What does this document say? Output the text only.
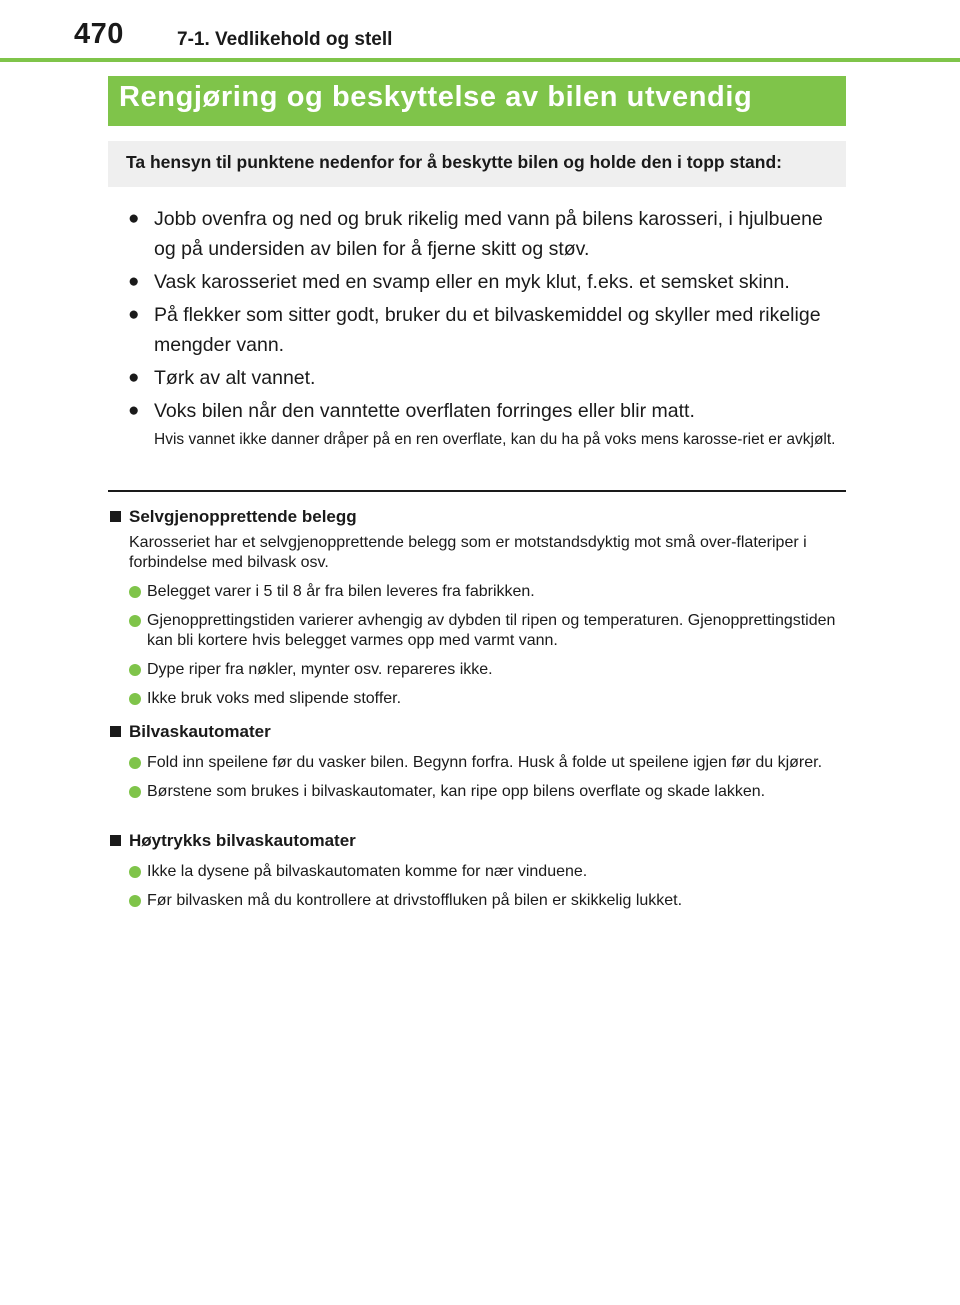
470	7-1. Vedlikehold og stell
Rengjøring og beskyttelse av bilen utvendig
Ta hensyn til punktene nedenfor for å beskytte bilen og holde den i topp stand:
● Jobb ovenfra og ned og bruk rikelig med vann på bilens karosseri, i hjulbuene og på undersiden av bilen for å fjerne skitt og støv.
● Vask karosseriet med en svamp eller en myk klut, f.eks. et semsket skinn.
● På flekker som sitter godt, bruker du et bilvaskemiddel og skyller med rikelige mengder vann.
● Tørk av alt vannet.
● Voks bilen når den vanntette overflaten forringes eller blir matt.
Hvis vannet ikke danner dråper på en ren overflate, kan du ha på voks mens karosse-riet er avkjølt.
Selvgjenopprettende belegg
Karosseriet har et selvgjenopprettende belegg som er motstandsdyktig mot små over-flateriper i forbindelse med bilvask osv.
Belegget varer i 5 til 8 år fra bilen leveres fra fabrikken.
Gjenopprettingstiden varierer avhengig av dybden til ripen og temperaturen. Gjenopprettingstiden kan bli kortere hvis belegget varmes opp med varmt vann.
Dype riper fra nøkler, mynter osv. repareres ikke.
Ikke bruk voks med slipende stoffer.
Bilvaskautomater
Fold inn speilene før du vasker bilen. Begynn forfra. Husk å folde ut speilene igjen før du kjører.
Børstene som brukes i bilvaskautomater, kan ripe opp bilens overflate og skade lakken.
Høytrykks bilvaskautomater
Ikke la dysene på bilvaskautomaten komme for nær vinduene.
Før bilvasken må du kontrollere at drivstoffluken på bilen er skikkelig lukket.
